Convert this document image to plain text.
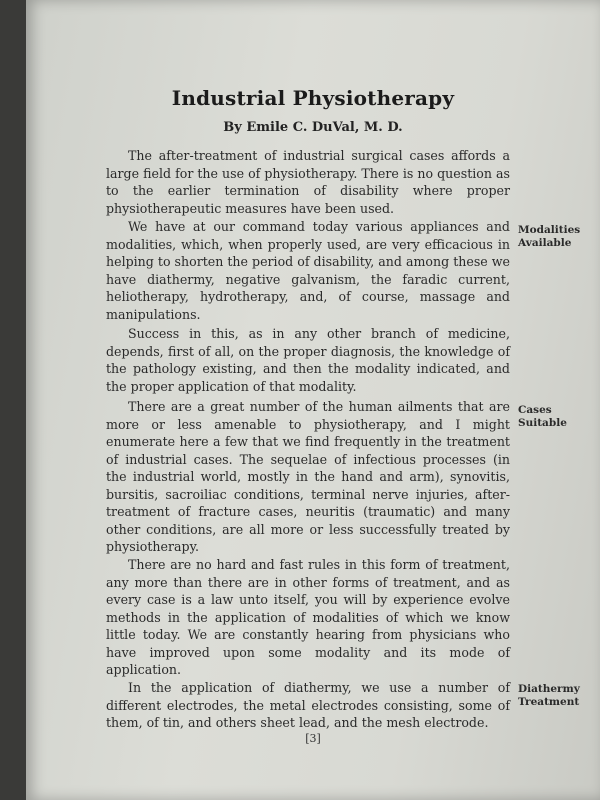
Industrial Physiotherapy
By Emile C. DuVal, M. D.

The after-treatment of industrial surgical cases affords a large field for the use of physiotherapy. There is no question as to the earlier termination of disability where proper physiotherapeutic measures have been used.

We have at our command today various appliances and modalities, which, when properly used, are very efficacious in helping to shorten the period of disability, and among these we have diathermy, negative galvanism, the faradic current, heliotherapy, hydrotherapy, and, of course, massage and manipulations.

Success in this, as in any other branch of medicine, depends, first of all, on the proper diagnosis, the knowledge of the pathology existing, and then the modality indicated, and the proper application of that modality.

There are a great number of the human ailments that are more or less amenable to physiotherapy, and I might enumerate here a few that we find frequently in the treatment of industrial cases. The sequelae of infectious processes (in the industrial world, mostly in the hand and arm), synovitis, bursitis, sacroiliac conditions, terminal nerve injuries, after-treatment of fracture cases, neuritis (traumatic) and many other conditions, are all more or less successfully treated by physiotherapy.

There are no hard and fast rules in this form of treatment, any more than there are in other forms of treatment, and as every case is a law unto itself, you will by experience evolve methods in the application of modalities of which we know little today. We are constantly hearing from physicians who have improved upon some modality and its mode of application.

In the application of diathermy, we use a number of different electrodes, the metal electrodes consisting, some of them, of tin, and others sheet lead, and the mesh electrode.

Modalities
Available
Cases
Suitable
Diathermy
Treatment
[3]
